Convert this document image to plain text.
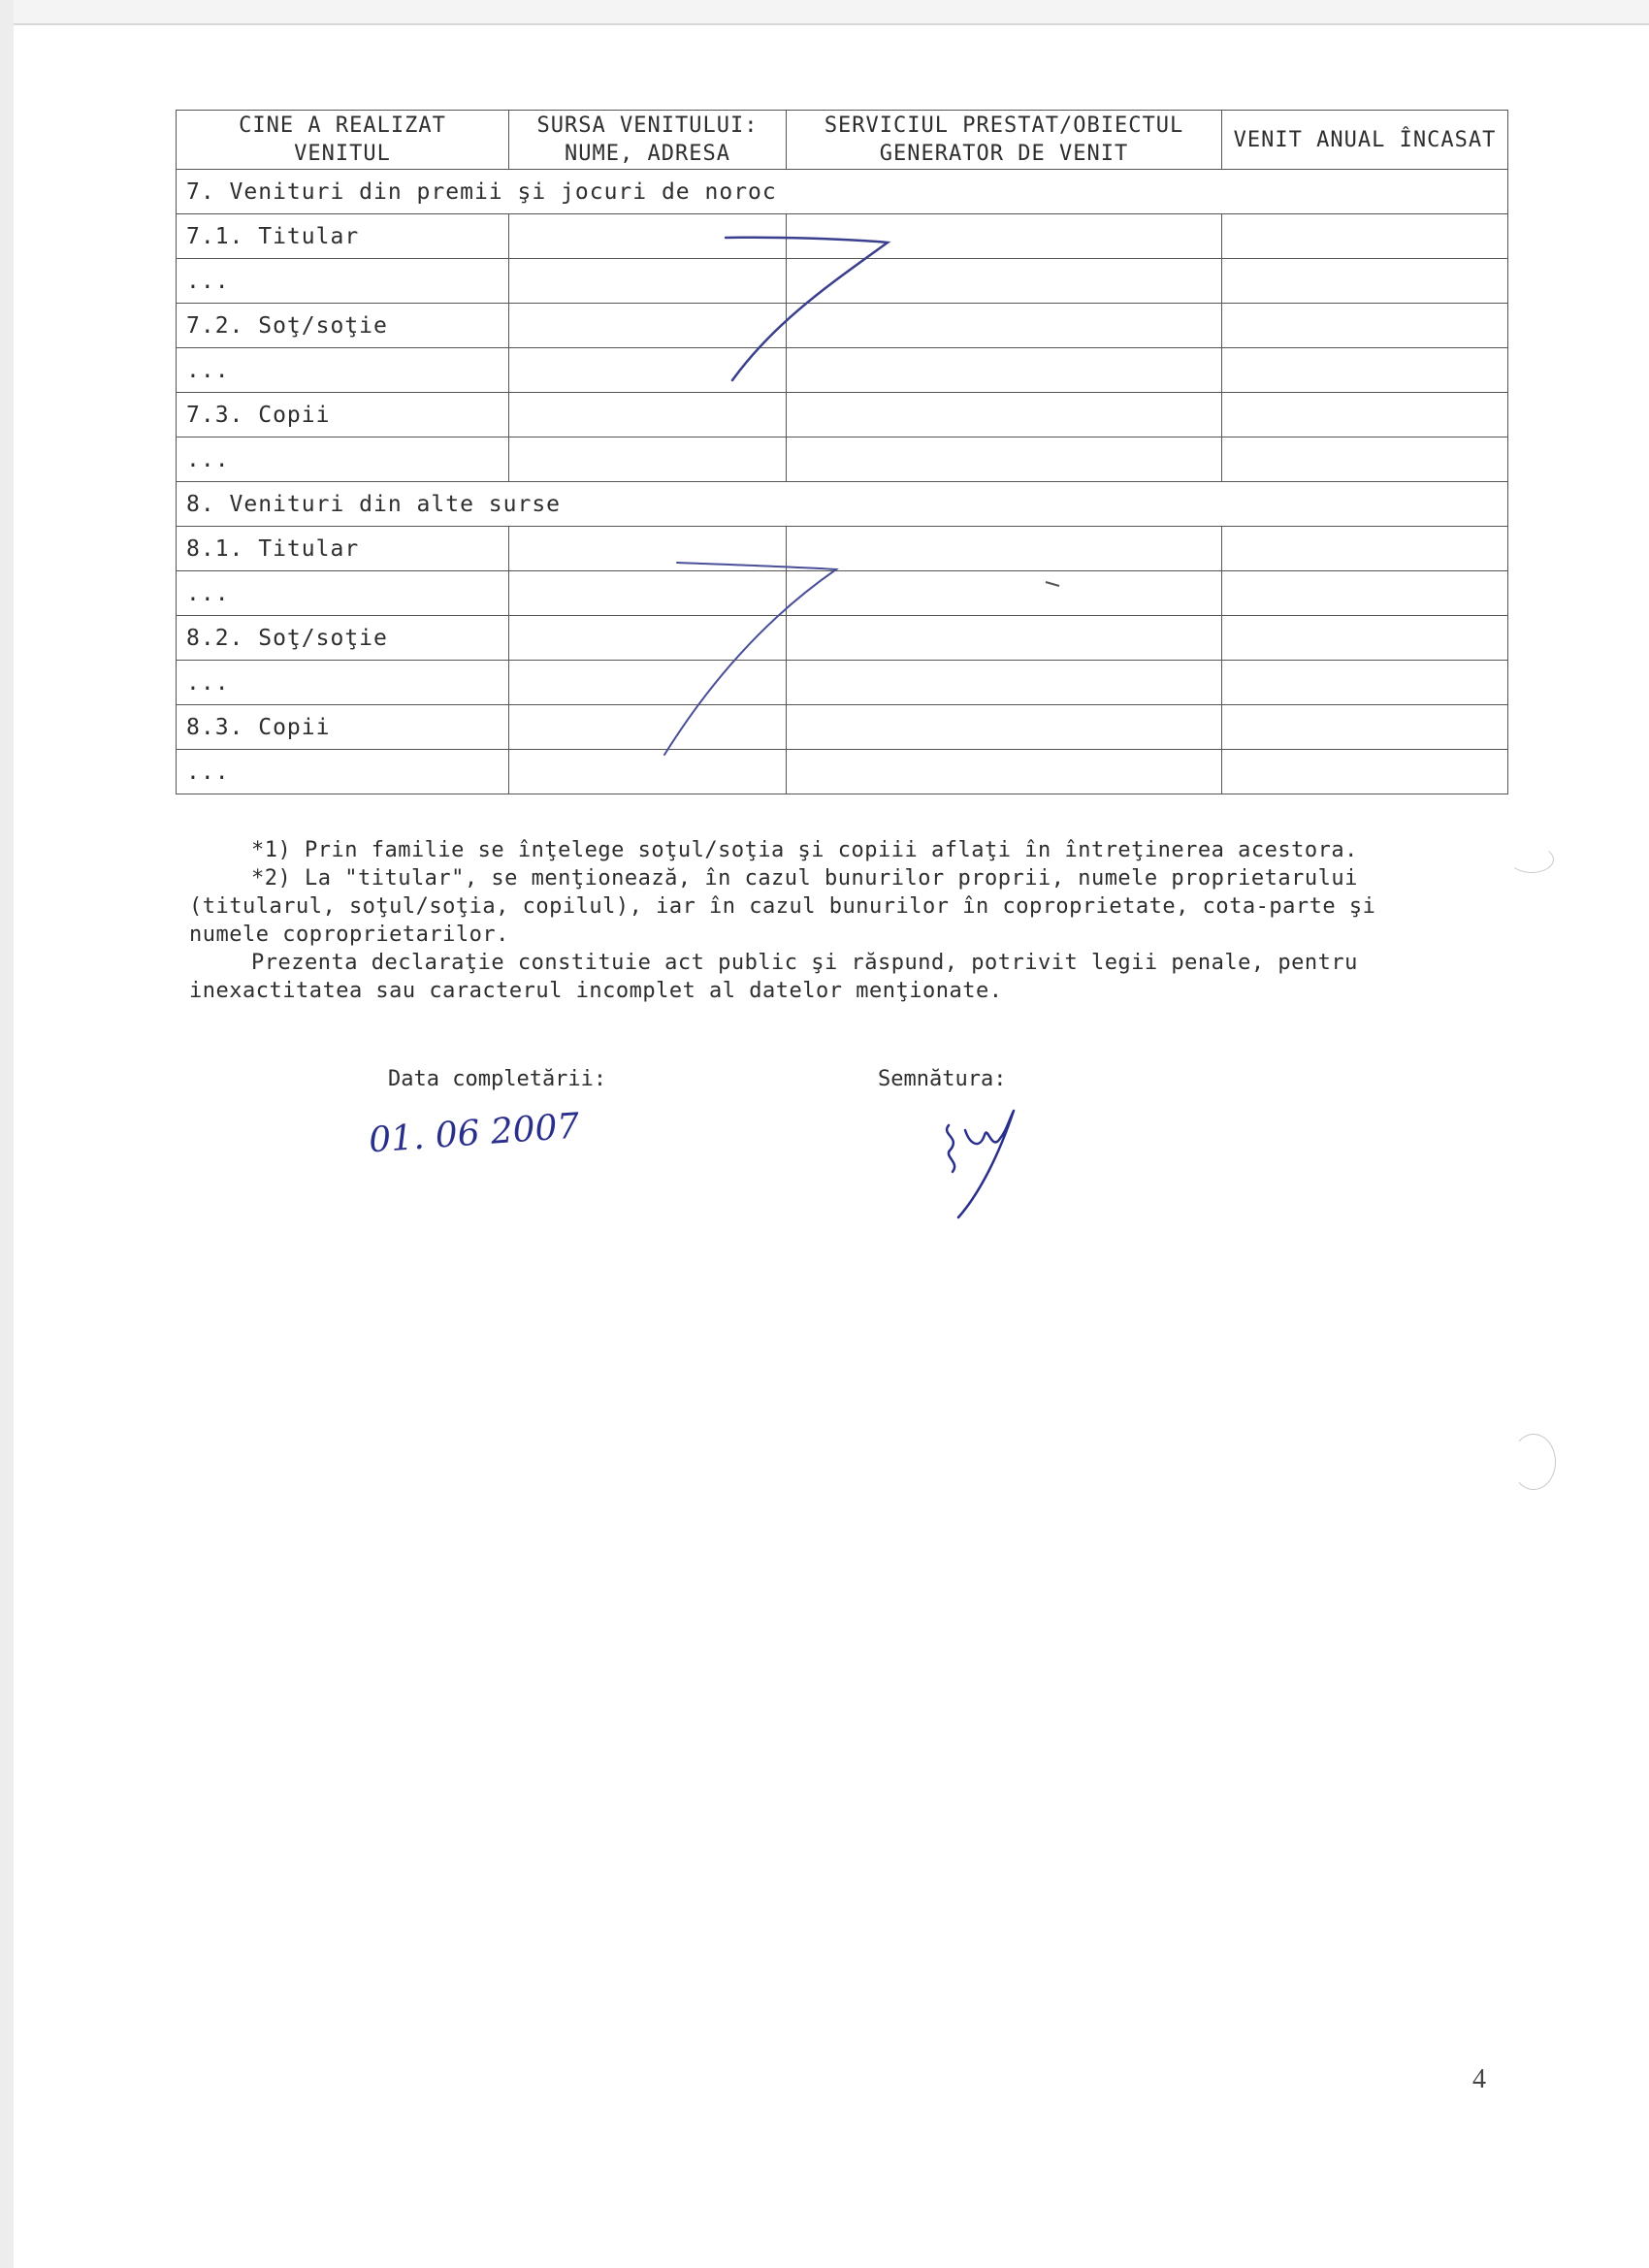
CINE A REALIZAT VENITUL	SURSA VENITULUI: NUME, ADRESA	SERVICIUL PRESTAT/OBIECTUL GENERATOR DE VENIT	VENIT ANUAL ÎNCASAT
7. Venituri din premii şi jocuri de noroc			
7.1. Titular			
...			
7.2. Soţ/soţie			
...			
7.3. Copii			
...			
8. Venituri din alte surse			
8.1. Titular			
...			
8.2. Soţ/soţie			
...			
8.3. Copii			
...			

*1) Prin familie se înţelege soţul/soţia şi copiii aflaţi în întreţinerea acestora.

*2) La "titular", se menţionează, în cazul bunurilor proprii, numele proprietarului (titularul, soţul/soţia, copilul), iar în cazul bunurilor în coproprietate, cota-parte şi numele coproprietarilor.

Prezenta declaraţie constituie act public şi răspund, potrivit legii penale, pentru inexactitatea sau caracterul incomplet al datelor menţionate.

Data completării:	Semnătura:
01. 06 2007
4
